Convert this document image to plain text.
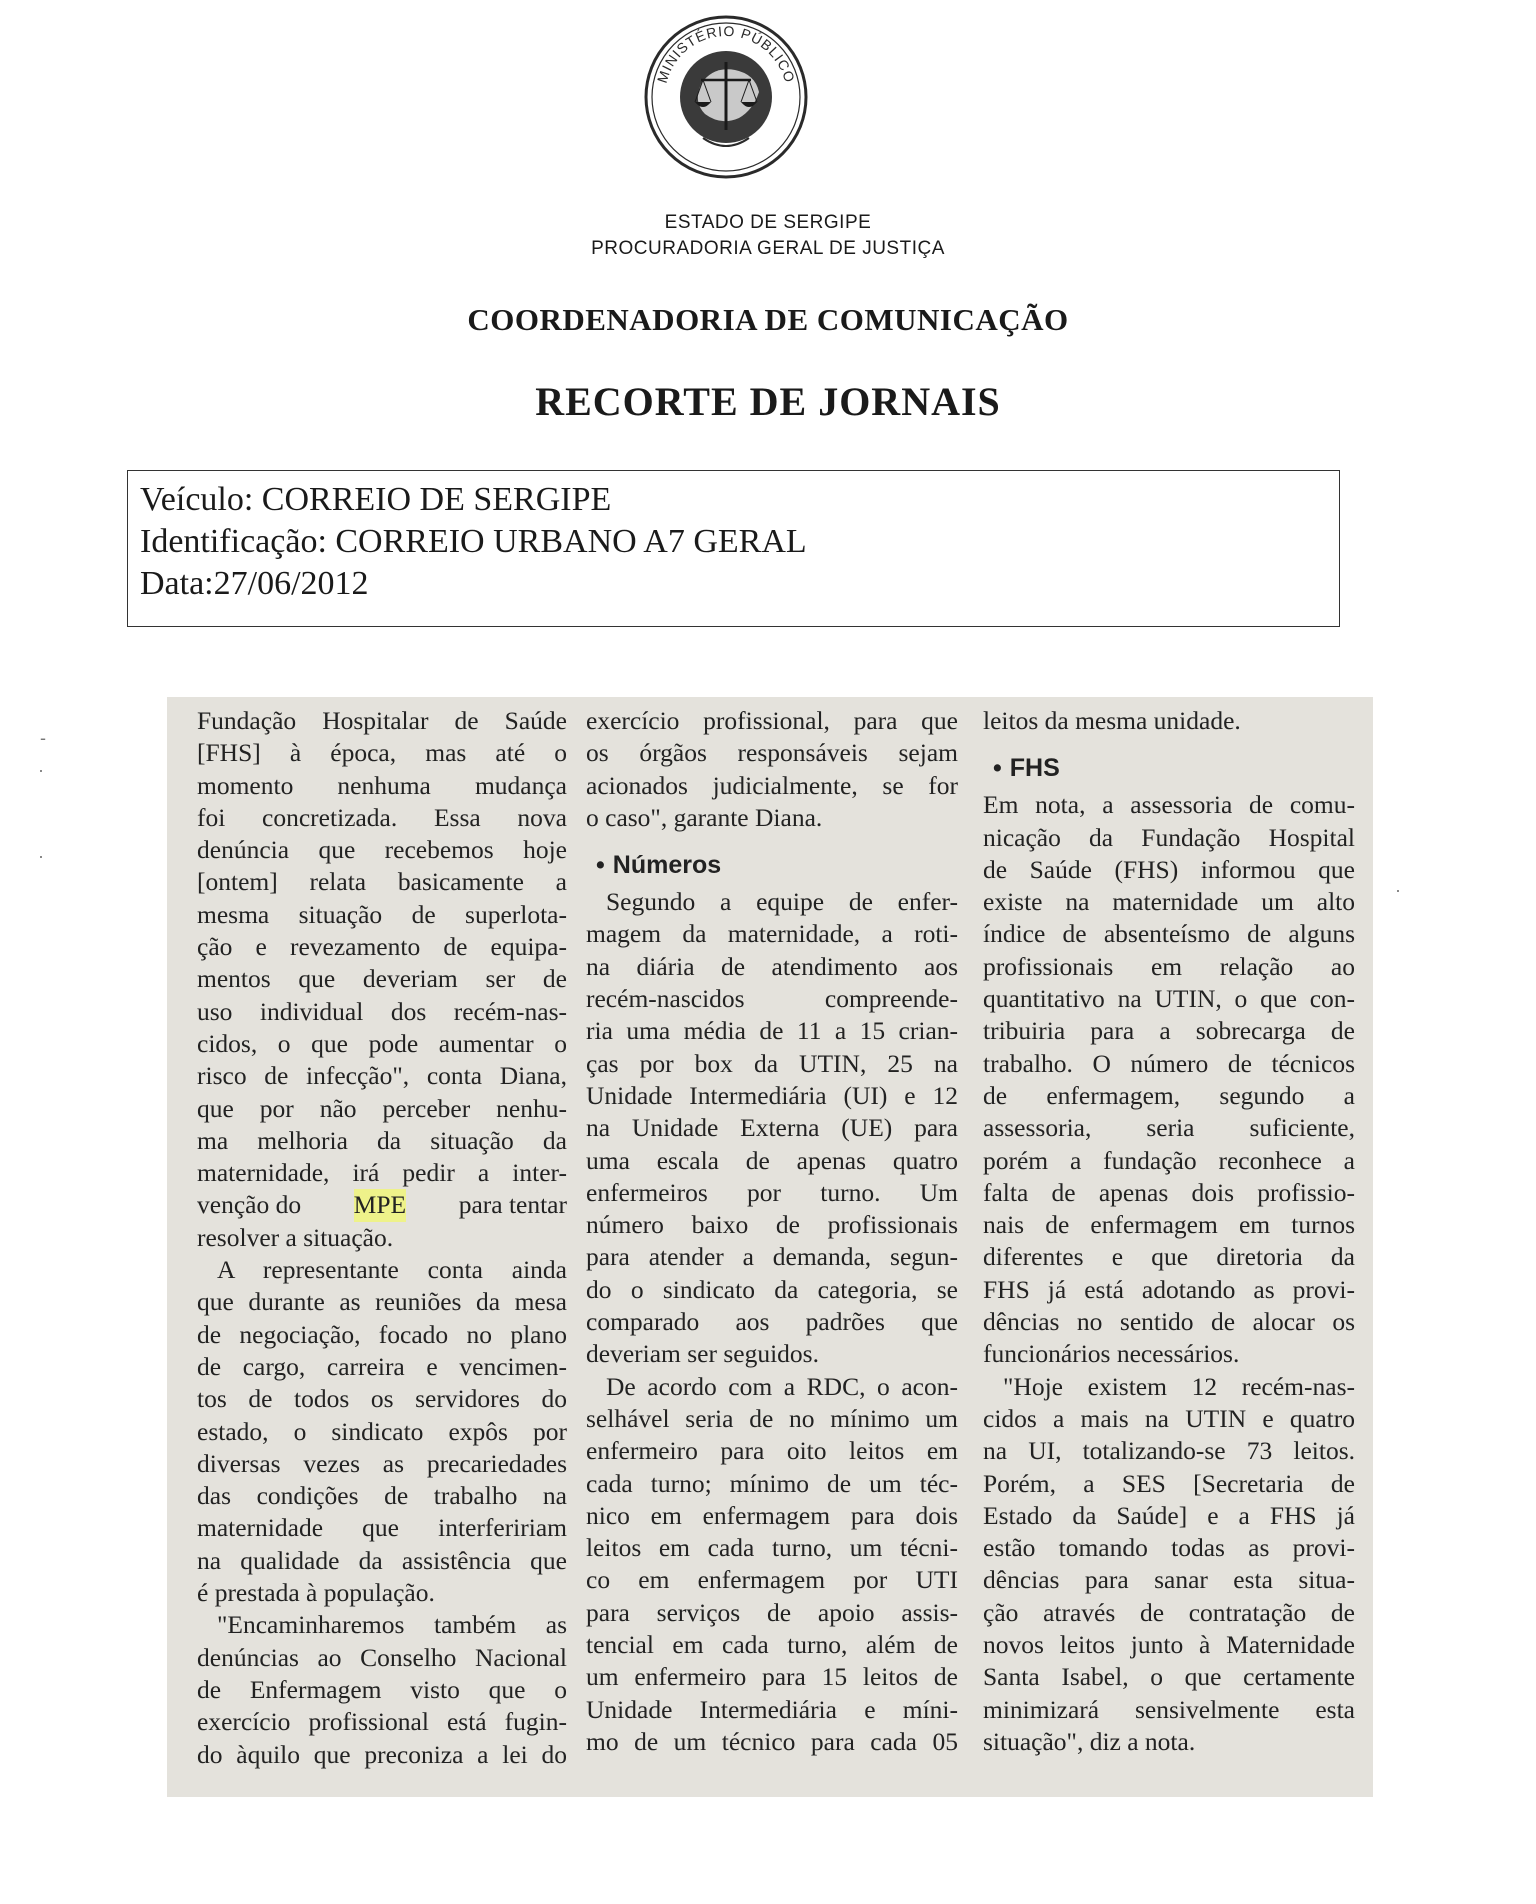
MINISTÉRIO PÚBLICO
ESTADO DE SERGIPE
PROCURADORIA GERAL DE JUSTIÇA
COORDENADORIA DE COMUNICAÇÃO
RECORTE DE JORNAIS
Veículo: CORREIO DE SERGIPE
Identificação: CORREIO URBANO A7 GERAL
Data:27/06/2012
-
·
·
·
Fundação Hospitalar de Saúde
[FHS] à época, mas até o
momento nenhuma mudança
foi concretizada. Essa nova
denúncia que recebemos hoje
[ontem] relata basicamente a
mesma situação de superlota-
ção e revezamento de equipa-
mentos que deveriam ser de
uso individual dos recém-nas-
cidos, o que pode aumentar o
risco de infecção", conta Diana,
que por não perceber nenhu-
ma melhoria da situação da
maternidade, irá pedir a inter-
venção do MPE para tentar
resolver a situação.
A representante conta ainda
que durante as reuniões da mesa
de negociação, focado no plano
de cargo, carreira e vencimen-
tos de todos os servidores do
estado, o sindicato expôs por
diversas vezes as precariedades
das condições de trabalho na
maternidade que interfeririam
na qualidade da assistência que
é prestada à população.
"Encaminharemos também as
denúncias ao Conselho Nacional
de Enfermagem visto que o
exercício profissional está fugin-
do àquilo que preconiza a lei do
exercício profissional, para que
os órgãos responsáveis sejam
acionados judicialmente, se for
o caso", garante Diana.
• Números
Segundo a equipe de enfer-
magem da maternidade, a roti-
na diária de atendimento aos
recém-nascidos compreende-
ria uma média de 11 a 15 crian-
ças por box da UTIN, 25 na
Unidade Intermediária (UI) e 12
na Unidade Externa (UE) para
uma escala de apenas quatro
enfermeiros por turno. Um
número baixo de profissionais
para atender a demanda, segun-
do o sindicato da categoria, se
comparado aos padrões que
deveriam ser seguidos.
De acordo com a RDC, o acon-
selhável seria de no mínimo um
enfermeiro para oito leitos em
cada turno; mínimo de um téc-
nico em enfermagem para dois
leitos em cada turno, um técni-
co em enfermagem por UTI
para serviços de apoio assis-
tencial em cada turno, além de
um enfermeiro para 15 leitos de
Unidade Intermediária e míni-
mo de um técnico para cada 05
leitos da mesma unidade.
• FHS
Em nota, a assessoria de comu-
nicação da Fundação Hospital
de Saúde (FHS) informou que
existe na maternidade um alto
índice de absenteísmo de alguns
profissionais em relação ao
quantitativo na UTIN, o que con-
tribuiria para a sobrecarga de
trabalho. O número de técnicos
de enfermagem, segundo a
assessoria, seria suficiente,
porém a fundação reconhece a
falta de apenas dois profissio-
nais de enfermagem em turnos
diferentes e que diretoria da
FHS já está adotando as provi-
dências no sentido de alocar os
funcionários necessários.
"Hoje existem 12 recém-nas-
cidos a mais na UTIN e quatro
na UI, totalizando-se 73 leitos.
Porém, a SES [Secretaria de
Estado da Saúde] e a FHS já
estão tomando todas as provi-
dências para sanar esta situa-
ção através de contratação de
novos leitos junto à Maternidade
Santa Isabel, o que certamente
minimizará sensivelmente esta
situação", diz a nota.
